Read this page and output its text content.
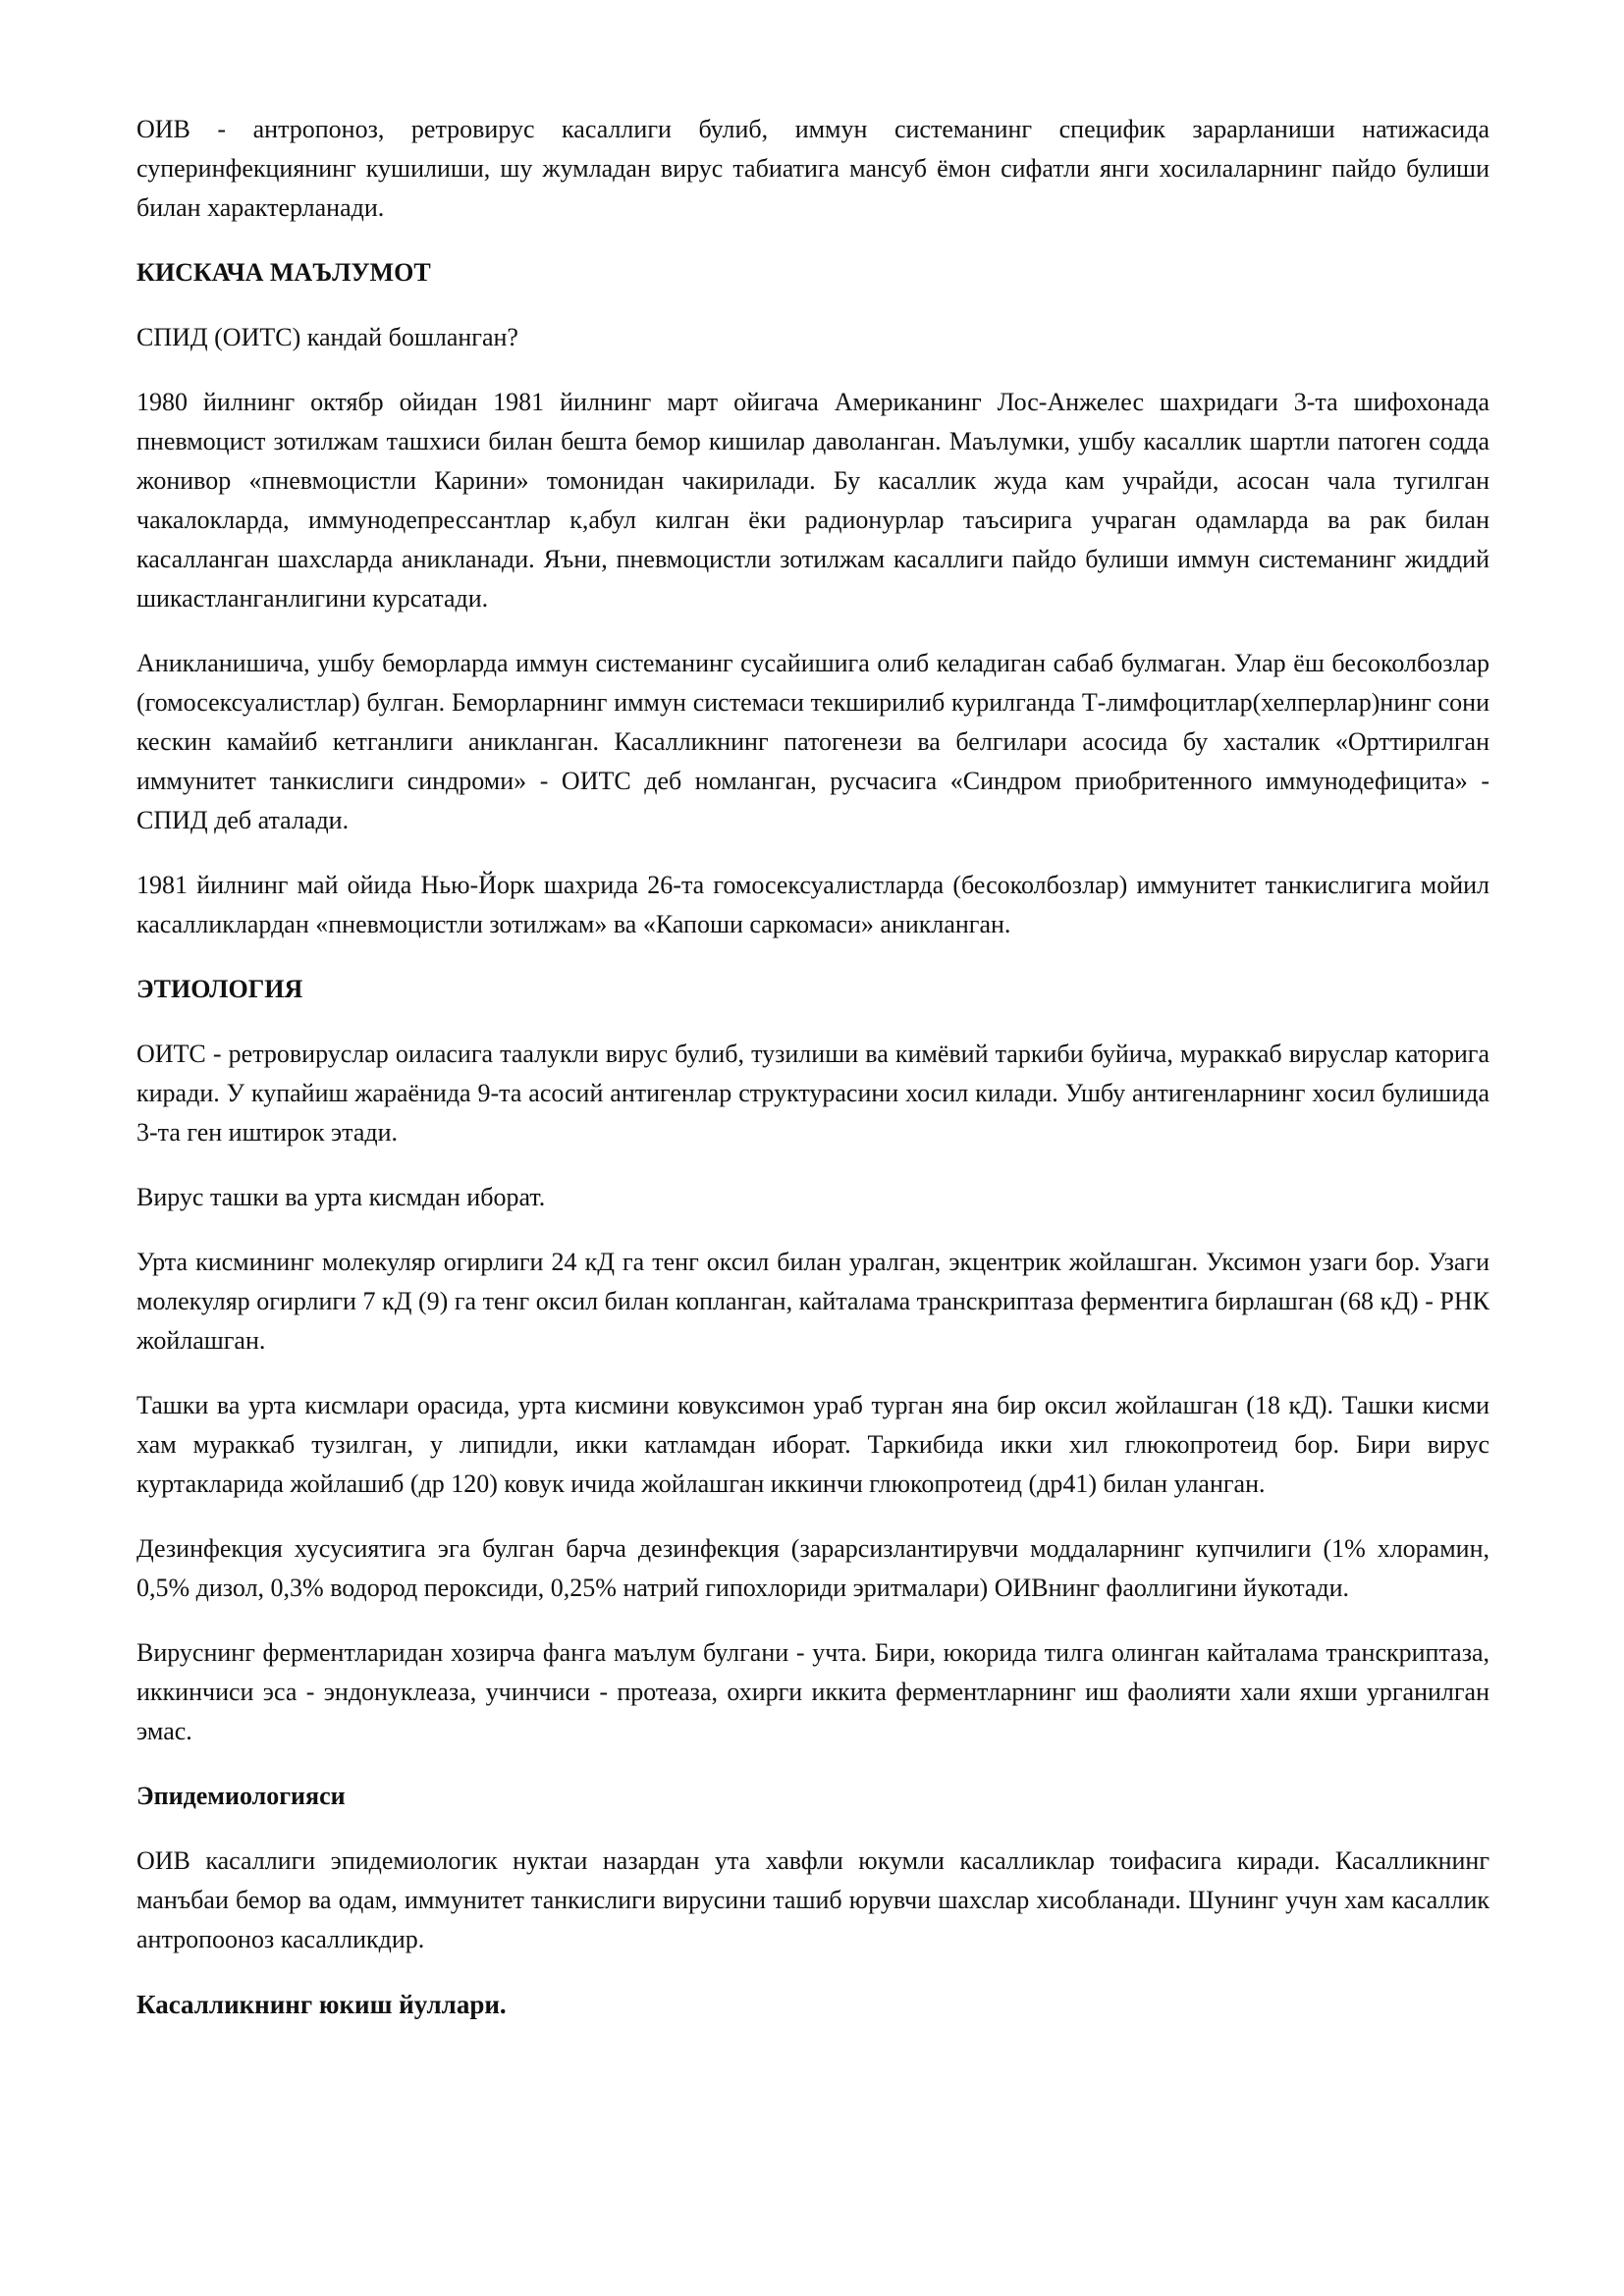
ОИВ - антропоноз, ретровирус касаллиги булиб, иммун системанинг специфик зарарланиши натижасида суперинфекциянинг кушилиши, шу жумладан вирус табиатига мансуб ёмон сифатли янги хосилаларнинг пайдо булиши билан характерланади.

КИСКАЧА МАЪЛУМОТ

СПИД (ОИТС) кандай бошланган?

1980 йилнинг октябр ойидан 1981 йилнинг март ойигача Американинг Лос-Анжелес шахридаги 3-та шифохонада пневмоцист зотилжам ташхиси билан бешта бемор кишилар даволанган. Маълумки, ушбу касаллик шартли патоген содда жонивор «пневмоцистли Карини» томонидан чакирилади. Бу касаллик жуда кам учрайди, асосан чала тугилган чакалокларда, иммунодепрессантлар к,абул килган ёки радионурлар таъсирига учраган одамларда ва рак билан касалланган шахсларда аникланади. Яъни, пневмоцистли зотилжам касаллиги пайдо булиши иммун системанинг жиддий шикастланганлигини курсатади.

Аникланишича, ушбу беморларда иммун системанинг сусайишига олиб келадиган сабаб булмаган. Улар ёш бесоколбозлар (гомосексуалистлар) булган. Беморларнинг иммун системаси текширилиб курилганда Т-лимфоцитлар(хелперлар)нинг сони кескин камайиб кетганлиги аникланган. Касалликнинг патогенези ва белгилари асосида бу хасталик «Орттирилган иммунитет танкислиги синдроми» - ОИТС деб номланган, русчасига «Синдром приобритенного иммунодефицита» - СПИД деб аталади.

1981 йилнинг май ойида Нью-Йорк шахрида 26-та гомосексуалистларда (бесоколбозлар) иммунитет танкислигига мойил касалликлардан «пневмоцистли зотилжам» ва «Капоши саркомаси» аникланган.

ЭТИОЛОГИЯ

ОИТС - ретровируслар оиласига таалукли вирус булиб, тузилиши ва кимёвий таркиби буйича, мураккаб вируслар каторига киради. У купайиш жараёнида 9-та асосий антигенлар структурасини хосил килади. Ушбу антигенларнинг хосил булишида 3-та ген иштирок этади.

Вирус ташки ва урта кисмдан иборат.

Урта кисмининг молекуляр огирлиги 24 кД га тенг оксил билан уралган, экцентрик жойлашган. Уксимон узаги бор. Узаги молекуляр огирлиги 7 кД (9) га тенг оксил билан копланган, кайталама транскриптаза ферментига бирлашган (68 кД) - РНК жойлашган.

Ташки ва урта кисмлари орасида, урта кисмини ковуксимон ураб турган яна бир оксил жойлашган (18 кД). Ташки кисми хам мураккаб тузилган, у липидли, икки катламдан иборат. Таркибида икки хил глюкопротеид бор. Бири вирус куртакларида жойлашиб (др 120) ковук ичида жойлашган иккинчи глюкопротеид (др41) билан уланган.

Дезинфекция хусусиятига эга булган барча дезинфекция (зарарсизлантирувчи моддаларнинг купчилиги (1% хлорамин, 0,5% дизол, 0,3% водород пероксиди, 0,25% натрий гипохлориди эритмалари) ОИВнинг фаоллигини йукотади.

Вируснинг ферментларидан хозирча фанга маълум булгани - учта. Бири, юкорида тилга олинган кайталама транскриптаза, иккинчиси эса - эндонуклеаза, учинчиси - протеаза, охирги иккита ферментларнинг иш фаолияти хали яхши урганилган эмас.

Эпидемиологияси

ОИВ касаллиги эпидемиологик нуктаи назардан ута хавфли юкумли касалликлар тоифасига киради. Касалликнинг манъбаи бемор ва одам, иммунитет танкислиги вирусини ташиб юрувчи шахслар хисобланади. Шунинг учун хам касаллик антропооноз касалликдир.

Касалликнинг юкиш йуллари.
